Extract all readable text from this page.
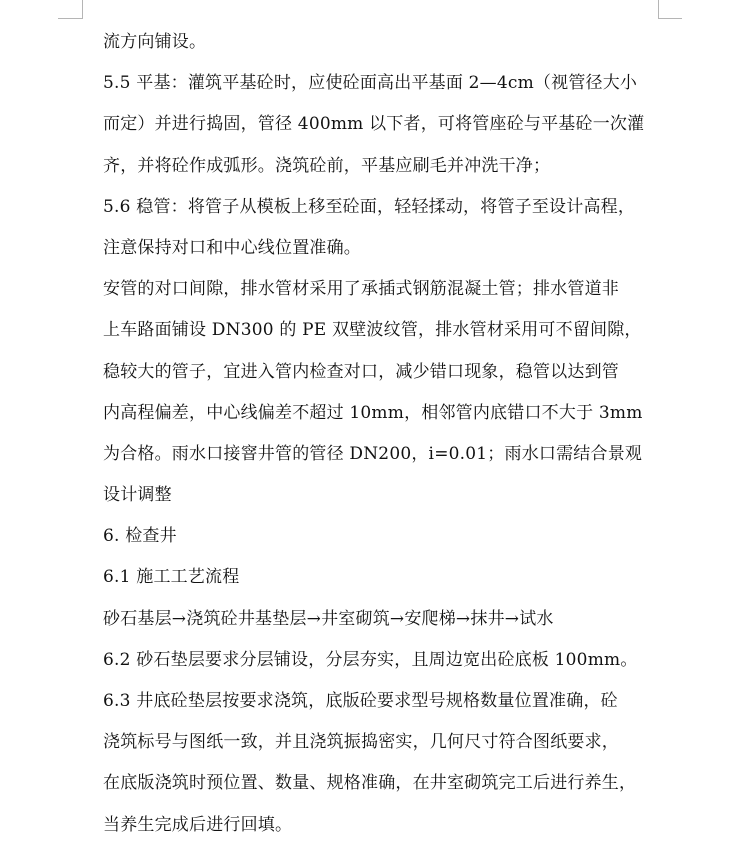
流方向铺设。
5.5 平基：灌筑平基砼时，应使砼面高出平基面 2—4cm（视管径大小
而定）并进行捣固，管径 400mm 以下者，可将管座砼与平基砼一次灌
齐，并将砼作成弧形。浇筑砼前，平基应刷毛并冲洗干净；
5.6 稳管：将管子从模板上移至砼面，轻轻揉动，将管子至设计高程，
注意保持对口和中心线位置准确。
安管的对口间隙，排水管材采用了承插式钢筋混凝土管；排水管道非
上车路面铺设 DN300 的 PE 双壁波纹管，排水管材采用可不留间隙，
稳较大的管子，宜进入管内检查对口，减少错口现象，稳管以达到管
内高程偏差，中心线偏差不超过 10mm，相邻管内底错口不大于 3mm
为合格。雨水口接窨井管的管径 DN200，i=0.01；雨水口需结合景观
设计调整
6. 检查井
6.1 施工工艺流程
砂石基层→浇筑砼井基垫层→井室砌筑→安爬梯→抹井→试水
6.2 砂石垫层要求分层铺设，分层夯实，且周边宽出砼底板 100mm。
6.3 井底砼垫层按要求浇筑，底版砼要求型号规格数量位置准确，砼
浇筑标号与图纸一致，并且浇筑振捣密实，几何尺寸符合图纸要求，
在底版浇筑时预位置、数量、规格准确，在井室砌筑完工后进行养生，
当养生完成后进行回填。
